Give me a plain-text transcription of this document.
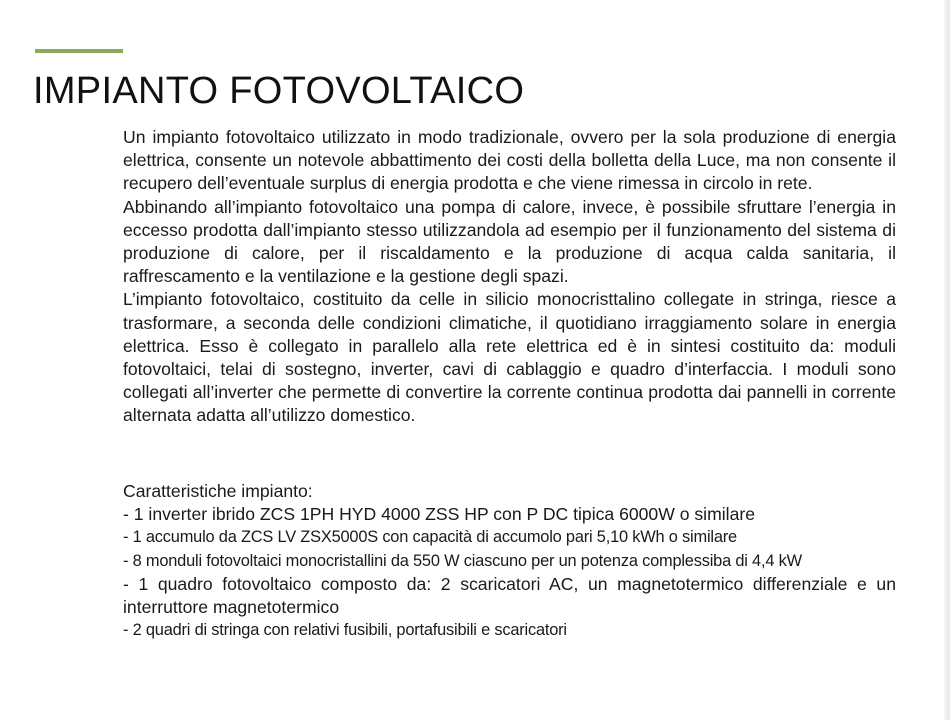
IMPIANTO FOTOVOLTAICO

Un impianto fotovoltaico utilizzato in modo tradizionale, ovvero per la sola produzione di energia elettrica, consente un notevole abbattimento dei costi della bolletta della Luce, ma non consente il recupero dell’eventuale surplus di energia prodotta e che viene rimessa in circolo in rete.

Abbinando all’impianto fotovoltaico una pompa di calore, invece, è possibile sfruttare l’energia in eccesso prodotta dall’impianto stesso utilizzandola ad esempio per il funzionamento del sistema di produzione di calore, per il riscaldamento e la produzione di acqua calda sanitaria, il raffrescamento e la ventilazione e la gestione degli spazi.

L’impianto fotovoltaico, costituito da celle in silicio monocristtalino collegate in stringa, riesce a trasformare, a seconda delle condizioni climatiche, il quotidiano irraggiamento solare in energia elettrica. Esso è collegato in parallelo alla rete elettrica ed è in sintesi costituito da: moduli fotovoltaici, telai di sostegno, inverter, cavi di cablaggio e quadro d’interfaccia. I moduli sono collegati all’inverter che permette di convertire la corrente continua prodotta dai pannelli in corrente alternata adatta all’utilizzo domestico.

Caratteristiche impianto:
- 1 inverter ibrido ZCS 1PH HYD 4000 ZSS HP con P DC tipica 6000W o similare
- 1 accumulo da ZCS LV ZSX5000S con capacità di accumolo pari 5,10 kWh o similare
- 8 monduli fotovoltaici monocristallini da 550 W ciascuno per un potenza complessiba di 4,4 kW
- 1 quadro fotovoltaico composto da: 2 scaricatori AC, un magnetotermico differenziale e un interruttore magnetotermico
- 2 quadri di stringa con relativi fusibili, portafusibili e scaricatori
